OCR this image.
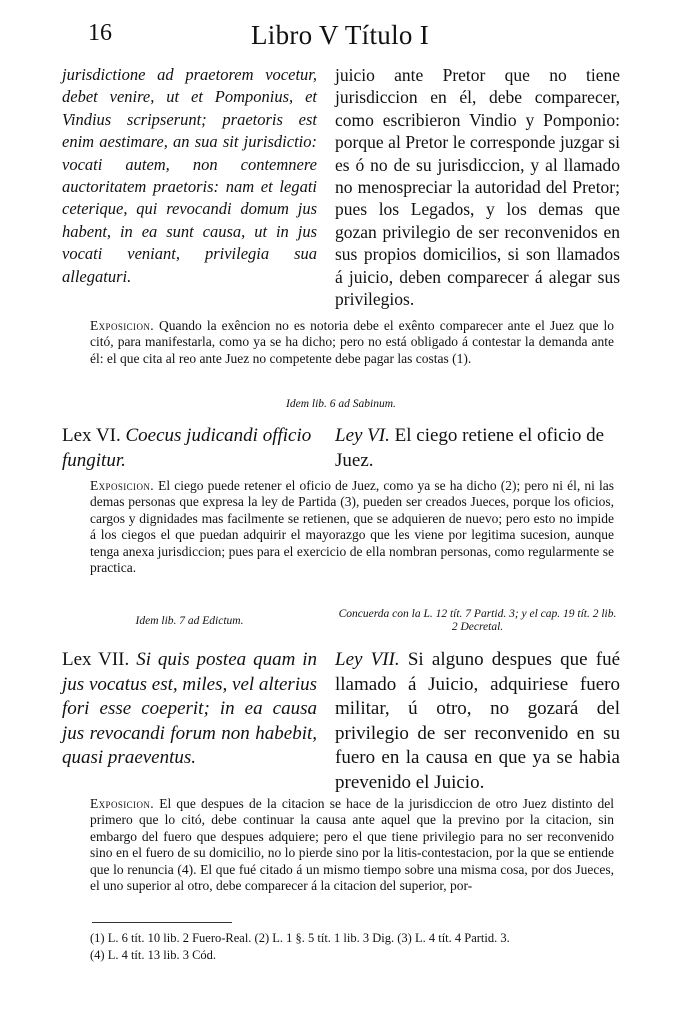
16	Libro V Título I

jurisdictione ad praetorem vocetur, debet venire, ut et Pomponius, et Vindius scripserunt; praetoris est enim aestimare, an sua sit jurisdictio: vocati autem, non contemnere auctoritatem praetoris: nam et legati ceterique, qui revocandi domum jus habent, in ea sunt causa, ut in jus vocati veniant, privilegia sua allegaturi.

juicio ante Pretor que no tiene jurisdiccion en él, debe comparecer, como escribieron Vindio y Pomponio: porque al Pretor le corresponde juzgar si es ó no de su jurisdiccion, y al llamado no menospreciar la autoridad del Pretor; pues los Legados, y los demas que gozan privilegio de ser reconvenidos en sus propios domicilios, si son llamados á juicio, deben comparecer á alegar sus privilegios.

Exposicion. Quando la exêncion no es notoria debe el exênto comparecer ante el Juez que lo citó, para manifestarla, como ya se ha dicho; pero no está obligado á contestar la demanda ante él: el que cita al reo ante Juez no competente debe pagar las costas (1).

Idem lib. 6 ad Sabinum.

Lex VI. Coecus judicandi officio fungitur.

Ley VI. El ciego retiene el oficio de Juez.

Exposicion. El ciego puede retener el oficio de Juez, como ya se ha dicho (2); pero ni él, ni las demas personas que expresa la ley de Partida (3), pueden ser creados Jueces, porque los oficios, cargos y dignidades mas facilmente se retienen, que se adquieren de nuevo; pero esto no impide á los ciegos el que puedan adquirir el mayorazgo que les viene por legitima sucesion, aunque tenga anexa jurisdiccion; pues para el exercicio de ella nombran personas, como regularmente se practica.

Idem lib. 7 ad Edictum.

Concuerda con la L. 12 tít. 7 Partid. 3; y el cap. 19 tít. 2 lib. 2 Decretal.

Lex VII. Si quis postea quam in jus vocatus est, miles, vel alterius fori esse coeperit; in ea causa jus revocandi forum non habebit, quasi praeventus.

Ley VII. Si alguno despues que fué llamado á Juicio, adquiriese fuero militar, ú otro, no gozará del privilegio de ser reconvenido en su fuero en la causa en que ya se habia prevenido el Juicio.

Exposicion. El que despues de la citacion se hace de la jurisdiccion de otro Juez distinto del primero que lo citó, debe continuar la causa ante aquel que la previno por la citacion, sin embargo del fuero que despues adquiere; pero el que tiene privilegio para no ser reconvenido sino en el fuero de su domicilio, no lo pierde sino por la litis-contestacion, por la que se entiende que lo renuncia (4). El que fué citado á un mismo tiempo sobre una misma cosa, por dos Jueces, el uno superior al otro, debe comparecer á la citacion del superior, por-

(1) L. 6 tít. 10 lib. 2 Fuero-Real. (2) L. 1 §. 5 tít. 1 lib. 3 Dig. (3) L. 4 tít. 4 Partid. 3.
(4) L. 4 tít. 13 lib. 3 Cód.
